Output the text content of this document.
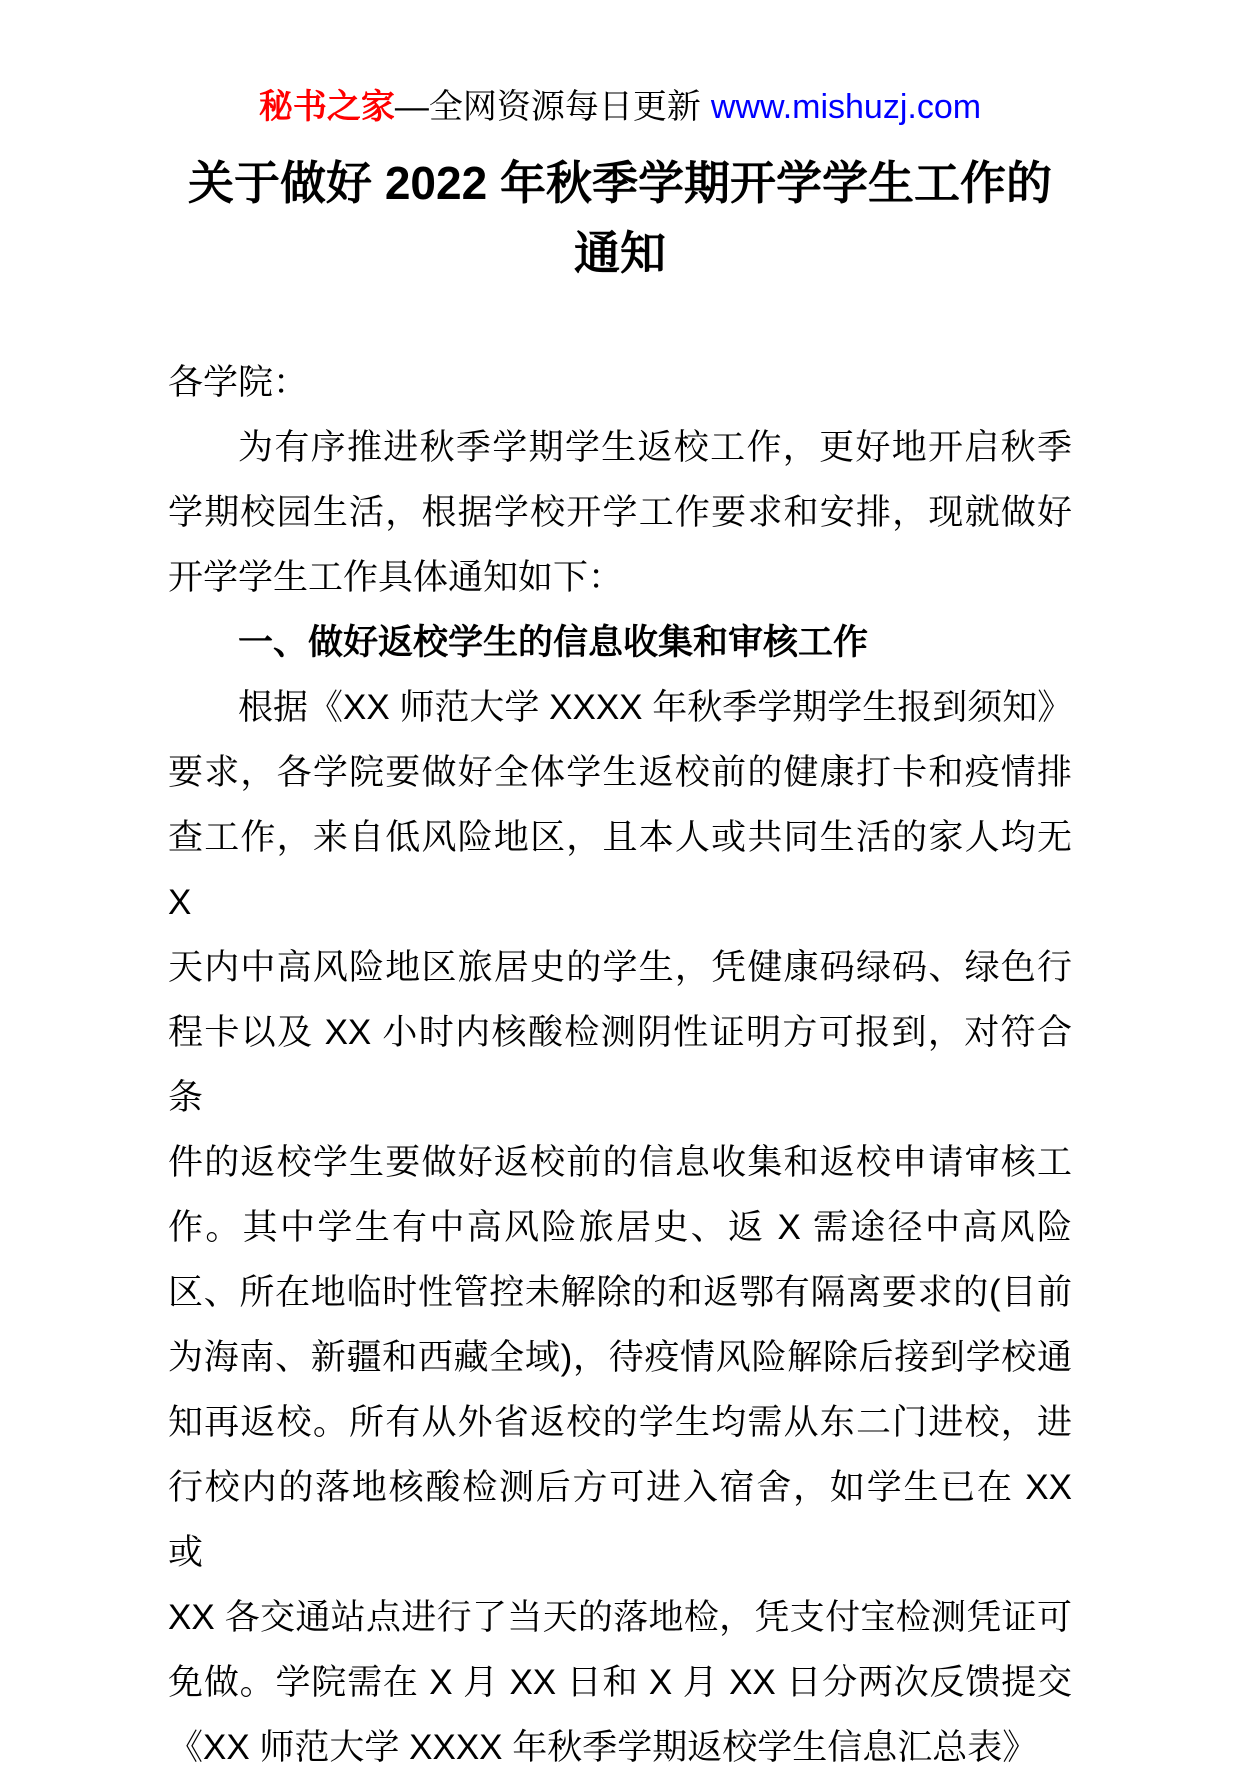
秘书之家—全网资源每日更新 www.mishuzj.com
关于做好 2022 年秋季学期开学学生工作的
通知
各学院：
为有序推进秋季学期学生返校工作，更好地开启秋季
学期校园生活，根据学校开学工作要求和安排，现就做好
开学学生工作具体通知如下：
一、做好返校学生的信息收集和审核工作
根据《XX 师范大学 XXXX 年秋季学期学生报到须知》
要求，各学院要做好全体学生返校前的健康打卡和疫情排
查工作，来自低风险地区，且本人或共同生活的家人均无 X
天内中高风险地区旅居史的学生，凭健康码绿码、绿色行
程卡以及 XX 小时内核酸检测阴性证明方可报到，对符合条
件的返校学生要做好返校前的信息收集和返校申请审核工
作。其中学生有中高风险旅居史、返 X 需途径中高风险
区、所在地临时性管控未解除的和返鄂有隔离要求的(目前
为海南、新疆和西藏全域)，待疫情风险解除后接到学校通
知再返校。所有从外省返校的学生均需从东二门进校，进
行校内的落地核酸检测后方可进入宿舍，如学生已在 XX 或
XX 各交通站点进行了当天的落地检，凭支付宝检测凭证可
免做。学院需在 X 月 XX 日和 X 月 XX 日分两次反馈提交
《XX 师范大学 XXXX 年秋季学期返校学生信息汇总表》
